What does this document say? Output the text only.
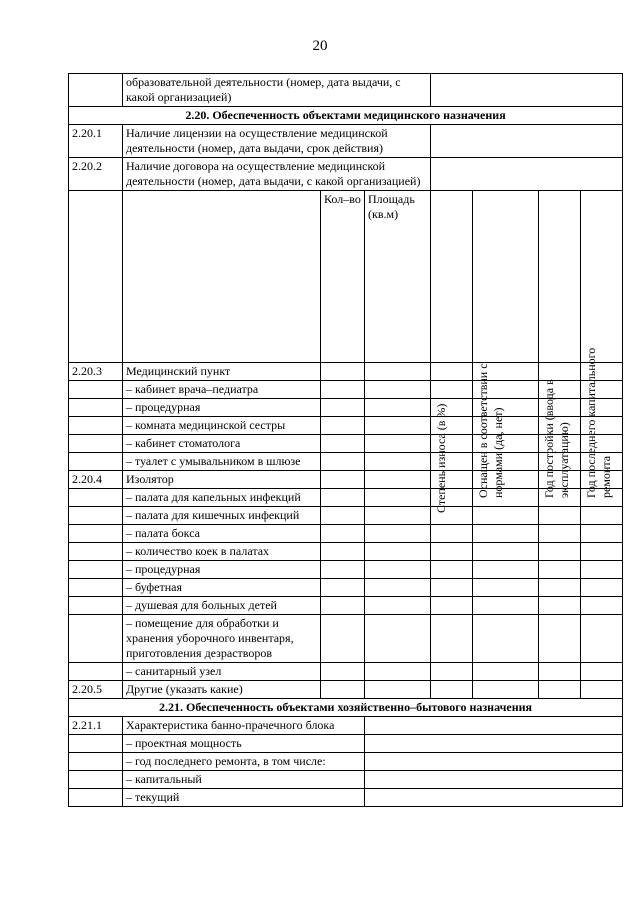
20
	образовательной деятельности (номер, дата выдачи, с какой организацией)						
2.20. Обеспеченность объектами медицинского назначения							
2.20.1	Наличие лицензии на осуществление медицинской деятельности (номер, дата выдачи, срок действия)						
2.20.2	Наличие договора на осуществление медицинской деятельности (номер, дата выдачи, с какой организацией)						
		Кол–во	Площадь (кв.м)	Степень износа (в %)	Оснащен в соответствии с нормами (да, нет)	Год постройки (ввода в эксплуатацию)	Год последнего капитального ремонта

2.20.3	Медицинский пункт						
	– кабинет врача–педиатра						
	– процедурная						
	– комната медицинской сестры						
	– кабинет стоматолога						
	– туалет с умывальником в шлюзе						
2.20.4	Изолятор						
	– палата для капельных инфекций						
	– палата для кишечных инфекций						
	– палата бокса						
	– количество коек в палатах						
	– процедурная						
	– буфетная						
	– душевая для больных детей						
	– помещение для обработки и хранения уборочного инвентаря, приготовления дезрастворов						
	– санитарный узел						
2.20.5	Другие (указать какие)						
2.21. Обеспеченность объектами хозяйственно–бытового назначения							
2.21.1	Характеристика банно-прачечного блока						
	– проектная мощность						
	– год последнего ремонта, в том числе:						
	– капитальный						
	– текущий						
